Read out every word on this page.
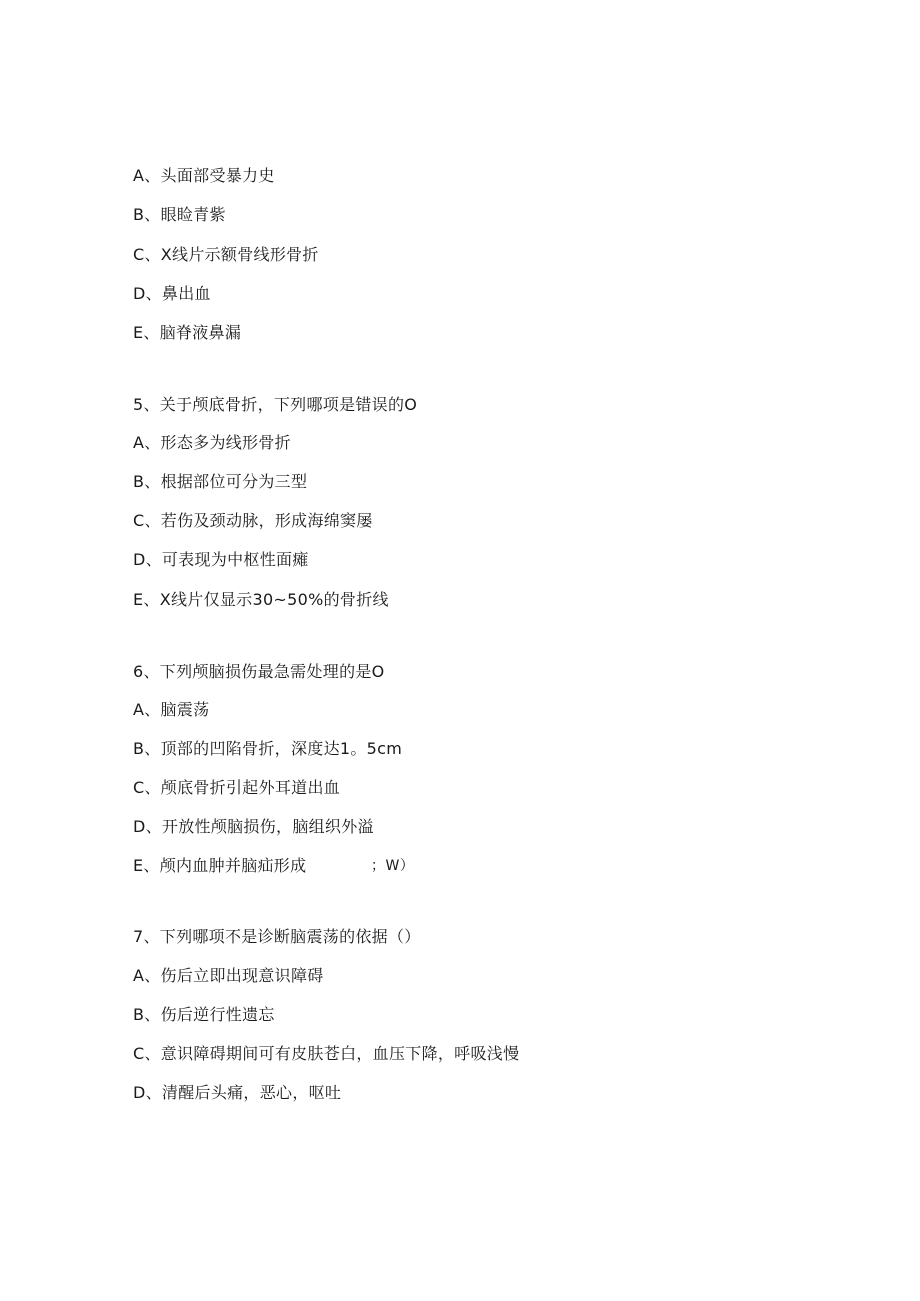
A、头面部受暴力史
B、眼睑青紫
C、X线片示额骨线形骨折
D、鼻出血
E、脑脊液鼻漏
5、关于颅底骨折，下列哪项是错误的O
A、形态多为线形骨折
B、根据部位可分为三型
C、若伤及颈动脉，形成海绵窦屡
D、可表现为中枢性面瘫
E、X线片仅显示30~50%的骨折线
6、下列颅脑损伤最急需处理的是O
A、脑震荡
B、顶部的凹陷骨折，深度达1。5cm
C、颅底骨折引起外耳道出血
D、开放性颅脑损伤，脑组织外溢
E、颅内血肿并脑疝形成	；W）
7、下列哪项不是诊断脑震荡的依据（）
A、伤后立即出现意识障碍
B、伤后逆行性遗忘
C、意识障碍期间可有皮肤苍白，血压下降，呼吸浅慢
D、清醒后头痛，恶心，呕吐
